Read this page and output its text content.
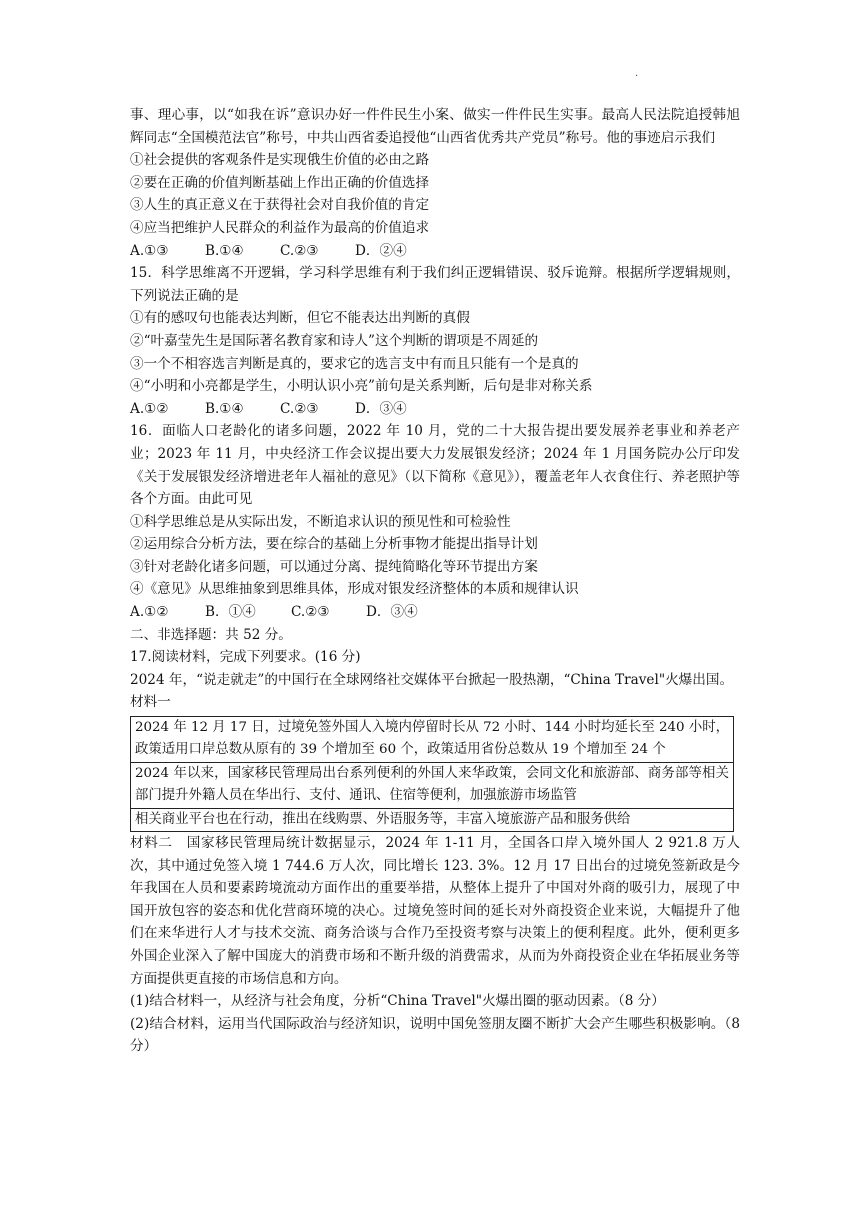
.
事、理心事，以“如我在诉”意识办好一件件民生小案、做实一件件民生实事。最高人民法院追授韩旭辉同志“全国模范法官”称号，中共山西省委追授他“山西省优秀共产党员”称号。他的事迹启示我们
①社会提供的客观条件是实现俄生价值的必由之路
②要在正确的价值判断基础上作出正确的价值选择
③人生的真正意义在于获得社会对自我价值的肯定
④应当把维护人民群众的利益作为最高的价值追求
A.①③	B.①④	C.②③	D．②④
15．科学思维离不开逻辑，学习科学思维有利于我们纠正逻辑错误、驳斥诡辩。根据所学逻辑规则，下列说法正确的是
①有的感叹句也能表达判断，但它不能表达出判断的真假
②“叶嘉莹先生是国际著名教育家和诗人”这个判断的谓项是不周延的
③一个不相容选言判断是真的，要求它的选言支中有而且只能有一个是真的
④“小明和小亮都是学生，小明认识小亮”前句是关系判断，后句是非对称关系
A.①②	B.①④	C.②③	D．③④
16．面临人口老龄化的诸多问题，2022 年 10 月，党的二十大报告提出要发展养老事业和养老产业；2023 年 11 月，中央经济工作会议提出要大力发展银发经济；2024 年 1 月国务院办公厅印发《关于发展银发经济增进老年人福祉的意见》（以下简称《意见》），覆盖老年人衣食住行、养老照护等各个方面。由此可见
①科学思维总是从实际出发，不断追求认识的预见性和可检验性
②运用综合分析方法，要在综合的基础上分析事物才能提出指导计划
③针对老龄化诸多问题，可以通过分离、提纯简略化等环节提出方案
④《意见》从思维抽象到思维具体，形成对银发经济整体的本质和规律认识
A.①②	B．①④	C.②③	D．③④
二、非选择题：共 52 分。
17.阅读材料，完成下列要求。(16 分)
2024 年，“说走就走”的中国行在全球网络社交媒体平台掀起一股热潮，“China Travel"火爆出国。
材料一
2024 年 12 月 17 日，过境免签外国人入境内停留时长从 72 小时、144 小时均延长至 240 小时，政策适用口岸总数从原有的 39 个增加至 60 个，政策适用省份总数从 19 个增加至 24 个
2024 年以来，国家移民管理局出台系列便利的外国人来华政策，会同文化和旅游部、商务部等相关部门提升外籍人员在华出行、支付、通讯、住宿等便利，加强旅游市场监管
相关商业平台也在行动，推出在线购票、外语服务等，丰富入境旅游产品和服务供给
材料二　国家移民管理局统计数据显示，2024 年 1-11 月，全国各口岸入境外国人 2 921.8 万人次，其中通过免签入境 1 744.6 万人次，同比增长 123. 3%。12 月 17 日出台的过境免签新政是今年我国在人员和要素跨境流动方面作出的重要举措，从整体上提升了中国对外商的吸引力，展现了中国开放包容的姿态和优化营商环境的决心。过境免签时间的延长对外商投资企业来说，大幅提升了他们在来华进行人才与技术交流、商务洽谈与合作乃至投资考察与决策上的便利程度。此外，便利更多外国企业深入了解中国庞大的消费市场和不断升级的消费需求，从而为外商投资企业在华拓展业务等方面提供更直接的市场信息和方向。
(1)结合材料一，从经济与社会角度，分析“China Travel"火爆出圈的驱动因素。（8 分）
(2)结合材料，运用当代国际政治与经济知识，说明中国免签朋友圈不断扩大会产生哪些积极影响。（8 分）
